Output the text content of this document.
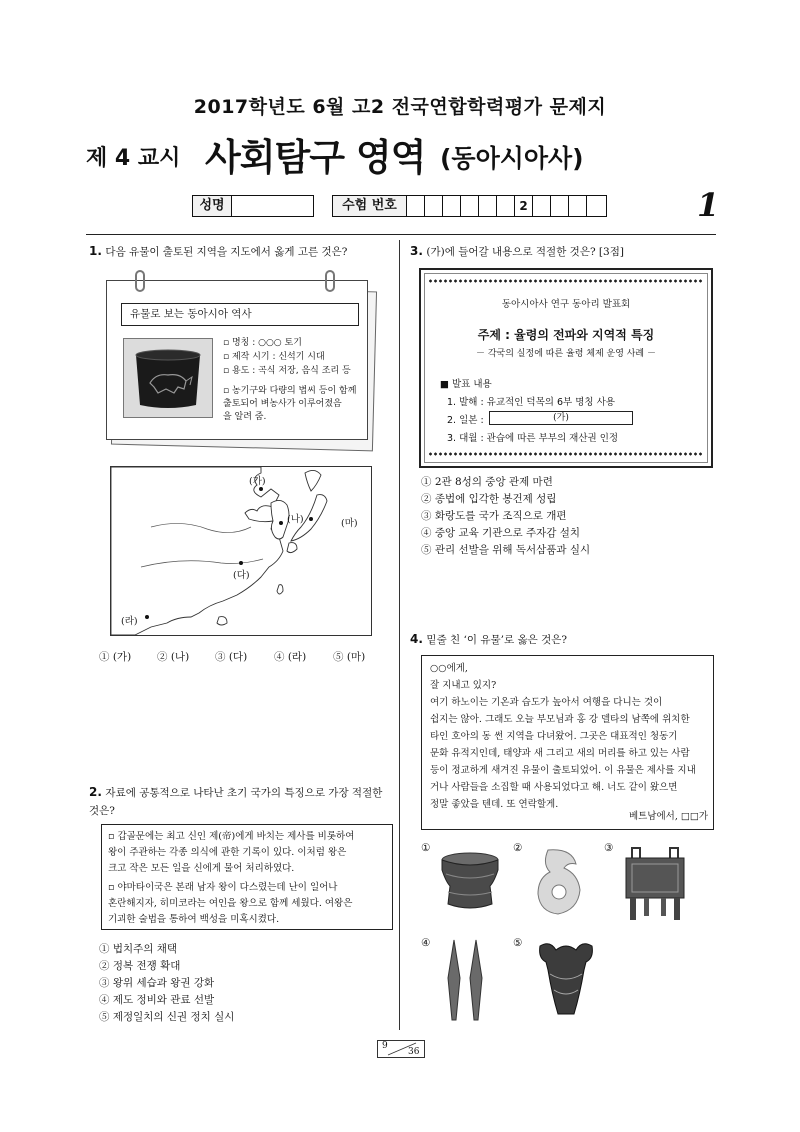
2017학년도 6월 고2 전국연합학력평가 문제지
제 4 교시 사회탐구 영역 (동아시아사)
1
성명	수험 번호	2
1. 다음 유물이 출토된 지역을 지도에서 옳게 고른 것은?
유물로 보는 동아시아 역사
▫ 명칭 : ○○○ 토기
▫ 제작 시기 : 신석기 시대
▫ 용도 : 곡식 저장, 음식 조리 등
▫ 농기구와 다량의 볍씨 등이 함께
출토되어 벼농사가 이루어졌음
을 알려 줌.
(가)
(나)
(다)
(라)
(마)
① (가) ② (나) ③ (다)	④ (라)	⑤ (마)
2. 자료에 공통적으로 나타난 초기 국가의 특징으로 가장 적절한
것은?
▫ 갑골문에는 최고 신인 제(帝)에게 바치는 제사를 비롯하여
왕이 주관하는 각종 의식에 관한 기록이 있다. 이처럼 왕은
크고 작은 모든 일을 신에게 물어 처리하였다.
▫ 야마타이국은 본래 남자 왕이 다스렸는데 난이 일어나
혼란해지자, 히미코라는 여인을 왕으로 함께 세웠다. 여왕은
기괴한 술법을 통하여 백성을 미혹시켰다.
① 법치주의 채택
② 정복 전쟁 확대
③ 왕위 세습과 왕권 강화
④ 제도 정비와 관료 선발
⑤ 제정일치의 신권 정치 실시
3. (가)에 들어갈 내용으로 적절한 것은? [3점]
동아시아사 연구 동아리 발표회
주제 : 율령의 전파와 지역적 특징
－ 각국의 실정에 따른 율령 체제 운영 사례 －
■ 발표 내용
1. 발해 : 유교적인 덕목의 6부 명칭 사용
2. 일본 :	(가)
3. 대월 : 관습에 따른 부부의 재산권 인정
① 2관 8성의 중앙 관제 마련
② 종법에 입각한 봉건제 성립
③ 화랑도를 국가 조직으로 개편
④ 중앙 교육 기관으로 주자감 설치
⑤ 관리 선발을 위해 독서삼품과 실시
4. 밑줄 친 ‘이 유물’로 옳은 것은?
○○에게,
잘 지내고 있지?
여기 하노이는 기온과 습도가 높아서 여행을 다니는 것이
쉽지는 않아. 그래도 오늘 부모님과 홍 강 델타의 남쪽에 위치한
타인 호아의 동 썬 지역을 다녀왔어. 그곳은 대표적인 청동기
문화 유적지인데, 태양과 새 그리고 새의 머리를 하고 있는 사람
등이 정교하게 새겨진 유물이 출토되었어. 이 유물은 제사를 지내
거나 사람들을 소집할 때 사용되었다고 해. 너도 같이 왔으면
정말 좋았을 텐데. 또 연락할게.
베트남에서, □□가
①	②	③
④	⑤
9
36
